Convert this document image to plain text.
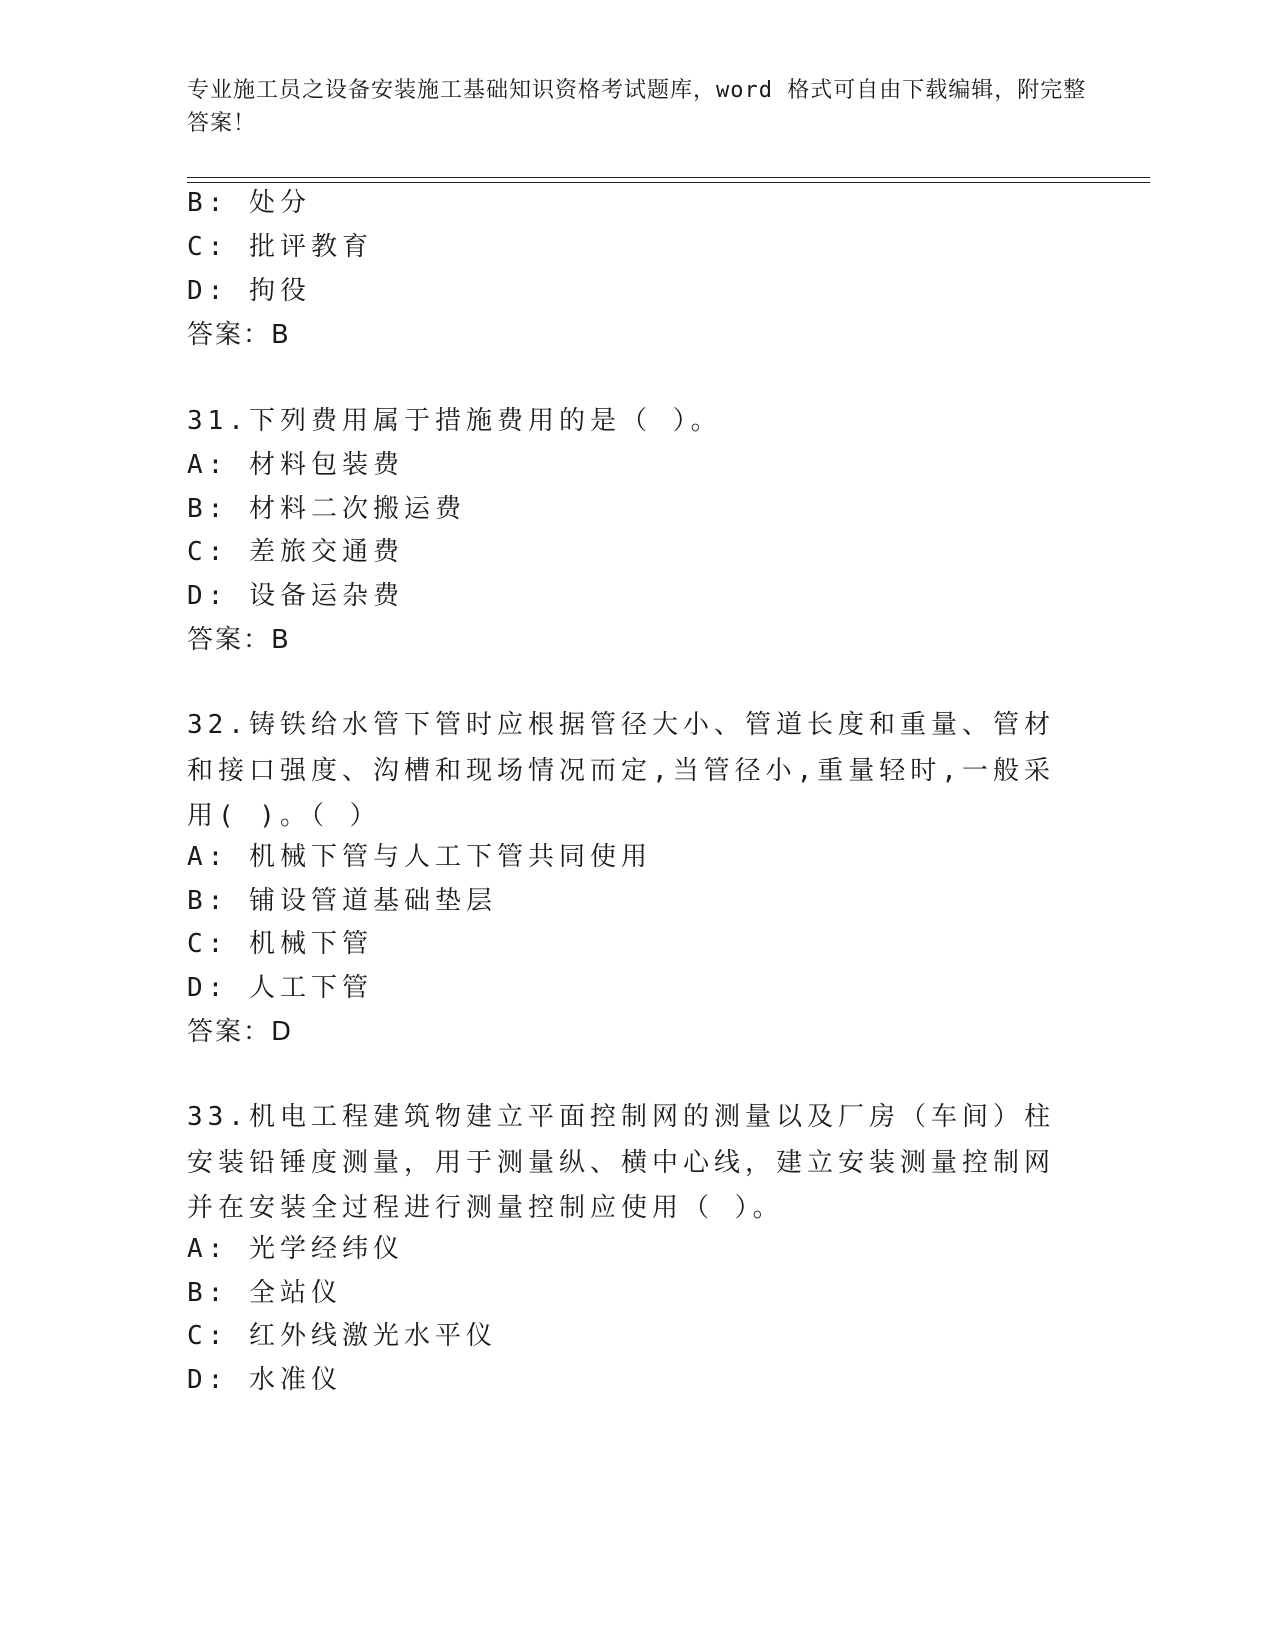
专业施工员之设备安装施工基础知识资格考试题库，word 格式可自由下载编辑，附完整答案！
B: 处分
C: 批评教育
D: 拘役
答案：B
31.下列费用属于措施费用的是（ ）。
A: 材料包装费
B: 材料二次搬运费
C: 差旅交通费
D: 设备运杂费
答案：B
32.铸铁给水管下管时应根据管径大小、管道长度和重量、管材和接口强度、沟槽和现场情况而定,当管径小,重量轻时,一般采用( )。（ ）
A: 机械下管与人工下管共同使用
B: 铺设管道基础垫层
C: 机械下管
D: 人工下管
答案：D
33.机电工程建筑物建立平面控制网的测量以及厂房（车间）柱安装铅锤度测量，用于测量纵、横中心线，建立安装测量控制网并在安装全过程进行测量控制应使用（ ）。
A: 光学经纬仪
B: 全站仪
C: 红外线激光水平仪
D: 水准仪
